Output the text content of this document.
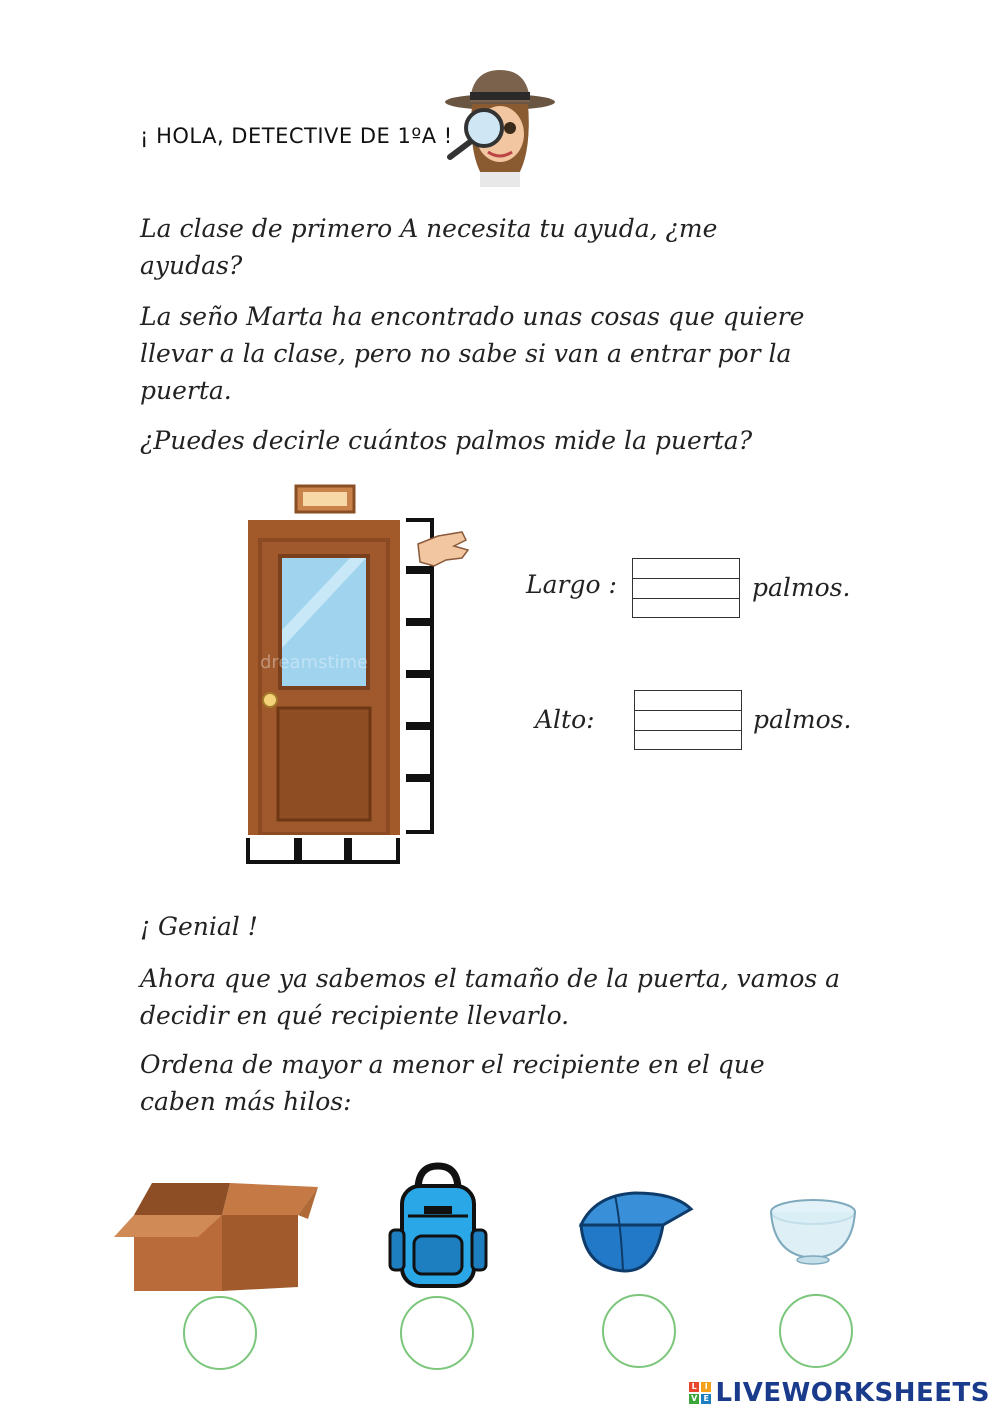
¡ HOLA, DETECTIVE DE 1ºA !
La clase de primero A necesita tu ayuda, ¿me ayudas?
La seño Marta ha encontrado unas cosas que quiere llevar a la clase, pero no sabe si van a entrar por la puerta.
¿Puedes decirle cuántos palmos mide la puerta?
dreamstime
Largo :	palmos.
Alto:	palmos.
¡ Genial !
Ahora que ya sabemos el tamaño de la puerta, vamos a decidir en qué recipiente llevarlo.
Ordena de mayor a menor el recipiente en el que caben más hilos:
L I
V E LIVEWORKSHEETS
